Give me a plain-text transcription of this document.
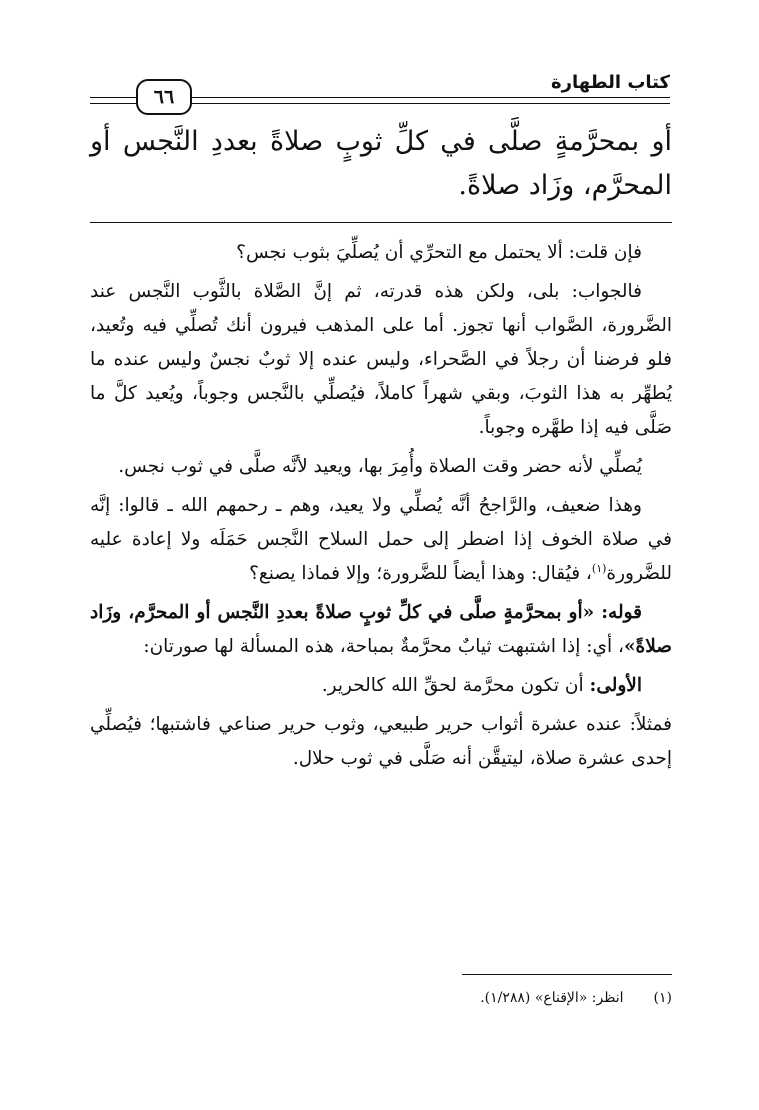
كتاب الطهارة
٦٦
أو بمحرَّمةٍ صلَّى في كلِّ ثوبٍ صلاةً بعددِ النَّجس أو المحرَّم، وزَاد صلاةً.

فإن قلت: ألا يحتمل مع التحرِّي أن يُصلِّيَ بثوب نجس؟

فالجواب: بلى، ولكن هذه قدرته، ثم إنَّ الصَّلاة بالثَّوب النَّجس عند الضَّرورة، الصَّواب أنها تجوز. أما على المذهب فيرون أنك تُصلِّي فيه وتُعيد، فلو فرضنا أن رجلاً في الصَّحراء، وليس عنده إلا ثوبٌ نجسٌ وليس عنده ما يُطهِّر به هذا الثوبَ، وبقي شهراً كاملاً، فيُصلِّي بالنَّجس وجوباً، ويُعيد كلَّ ما صَلَّى فيه إذا طهَّره وجوباً.

يُصلِّي لأنه حضر وقت الصلاة وأُمِرَ بها، ويعيد لأنَّه صلَّى في ثوب نجس.

وهذا ضعيف، والرَّاجحُ أنَّه يُصلِّي ولا يعيد، وهم ـ رحمهم الله ـ قالوا: إنَّه في صلاة الخوف إذا اضطر إلى حمل السلاح النَّجس حَمَلَه ولا إعادة عليه للضَّرورة$^{(١)}$، فيُقال: وهذا أيضاً للضَّرورة؛ وإلا فماذا يصنع؟

قوله: «أو بمحرَّمةٍ صلَّى في كلِّ ثوبٍ صلاةً بعددِ النَّجس أو المحرَّم، وزَاد صلاةً»، أي: إذا اشتبهت ثيابٌ محرَّمةٌ بمباحة، هذه المسألة لها صورتان:

الأولى: أن تكون محرَّمة لحقِّ الله كالحرير.

فمثلاً: عنده عشرة أثواب حرير طبيعي، وثوب حرير صناعي فاشتبها؛ فيُصلِّي إحدى عشرة صلاة، ليتيقَّن أنه صَلَّى في ثوب حلال.

(١)انظر: «الإقناع» (١/٢٨٨).
